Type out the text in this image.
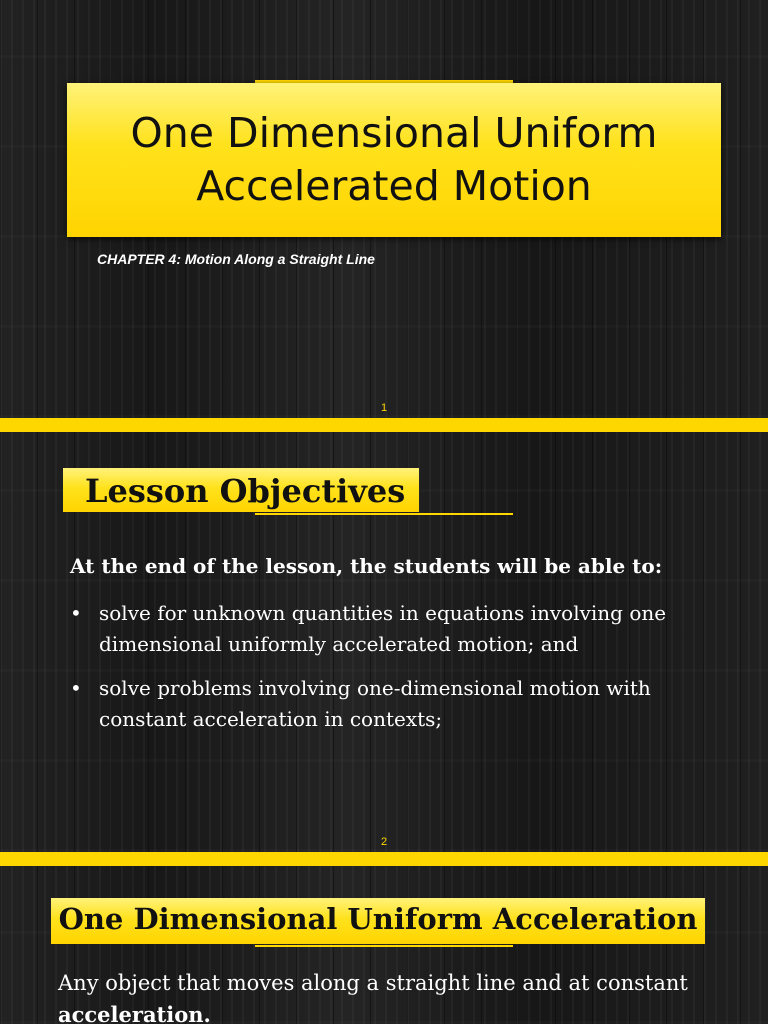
One Dimensional Uniform
Accelerated Motion
CHAPTER 4: Motion Along a Straight Line
1
Lesson Objectives
At the end of the lesson, the students will be able to:
• solve for unknown quantities in equations involving one dimensional uniformly accelerated motion; and
• solve problems involving one-dimensional motion with constant acceleration in contexts;
2
One Dimensional Uniform Acceleration
Any object that moves along a straight line and at constant acceleration.
